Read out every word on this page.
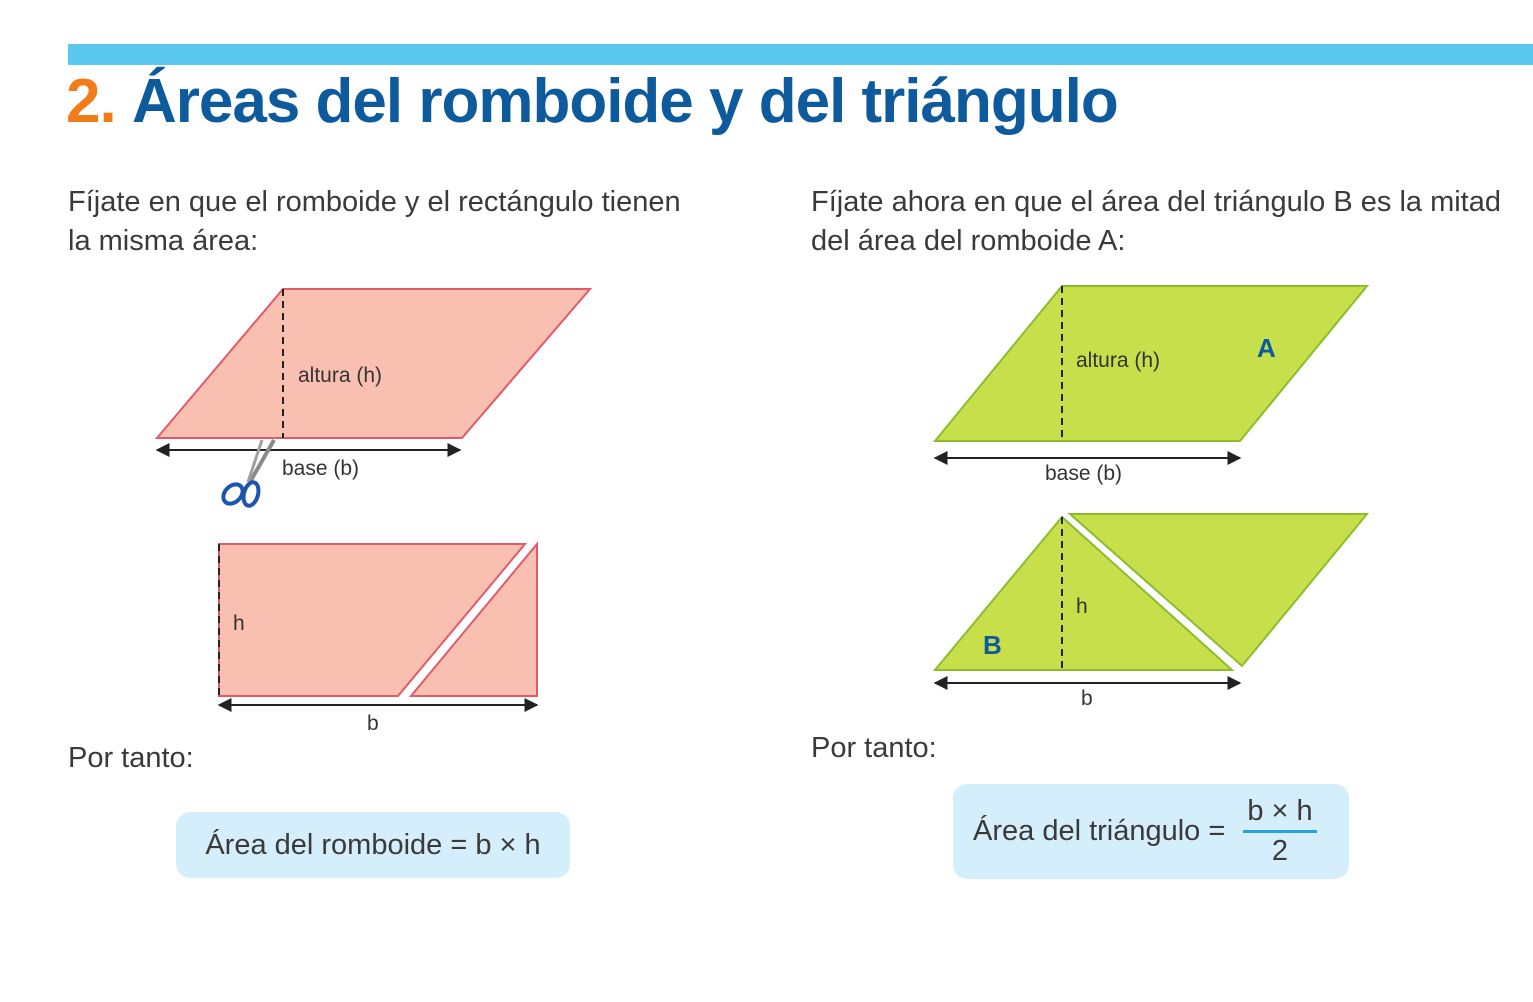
2. Áreas del romboide y del triángulo

Fíjate en que el romboide y el rectángulo tienen la misma área:

Fíjate ahora en que el área del triángulo B es la mitad del área del romboide A:

altura (h)
base (b)
h
b
altura (h)	A
base (b)
h
B
b

Por tanto:	Por tanto:

Área del romboide = b × h	Área del triángulo = $\frac{b \times h}{2}$
